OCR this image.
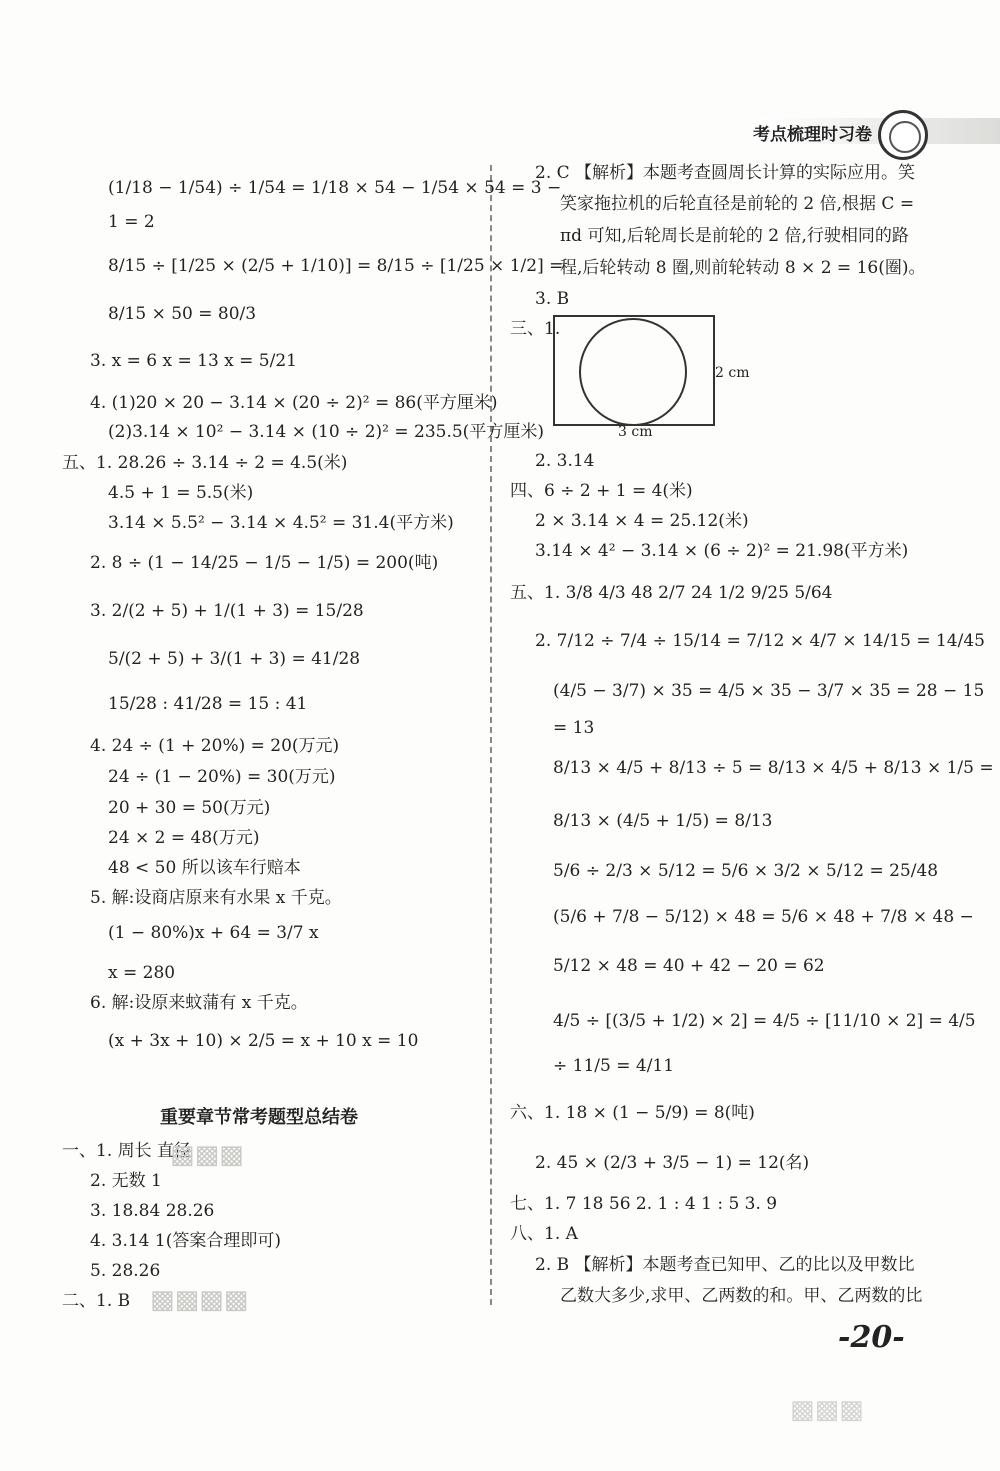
考点梳理时习卷
(1/18 − 1/54) ÷ 1/54 = 1/18 × 54 − 1/54 × 54 = 3 −
1 = 2
8/15 ÷ [1/25 × (2/5 + 1/10)] = 8/15 ÷ [1/25 × 1/2] =
8/15 × 50 = 80/3
3. x = 6 x = 13 x = 5/21
4. (1)20 × 20 − 3.14 × (20 ÷ 2)² = 86(平方厘米)
(2)3.14 × 10² − 3.14 × (10 ÷ 2)² = 235.5(平方厘米)
五、1. 28.26 ÷ 3.14 ÷ 2 = 4.5(米)
4.5 + 1 = 5.5(米)
3.14 × 5.5² − 3.14 × 4.5² = 31.4(平方米)
2. 8 ÷ (1 − 14/25 − 1/5 − 1/5) = 200(吨)
3. 2/(2 + 5) + 1/(1 + 3) = 15/28
5/(2 + 5) + 3/(1 + 3) = 41/28
15/28 : 41/28 = 15 : 41
4. 24 ÷ (1 + 20%) = 20(万元)
24 ÷ (1 − 20%) = 30(万元)
20 + 30 = 50(万元)
24 × 2 = 48(万元)
48 < 50 所以该车行赔本
5. 解:设商店原来有水果 x 千克。
(1 − 80%)x + 64 = 3/7 x
x = 280
6. 解:设原来蚊蒲有 x 千克。
(x + 3x + 10) × 2/5 = x + 10 x = 10
重要章节常考题型总结卷
一、1. 周长 直径
2. 无数 1
3. 18.84 28.26
4. 3.14 1(答案合理即可)
5. 28.26
二、1. B
2. C 【解析】本题考查圆周长计算的实际应用。笑
笑家拖拉机的后轮直径是前轮的 2 倍,根据 C =
πd 可知,后轮周长是前轮的 2 倍,行驶相同的路
程,后轮转动 8 圈,则前轮转动 8 × 2 = 16(圈)。
3. B
三、1.
2 cm
3 cm
2. 3.14
四、6 ÷ 2 + 1 = 4(米)
2 × 3.14 × 4 = 25.12(米)
3.14 × 4² − 3.14 × (6 ÷ 2)² = 21.98(平方米)
五、1. 3/8 4/3 48 2/7 24 1/2 9/25 5/64
2. 7/12 ÷ 7/4 ÷ 15/14 = 7/12 × 4/7 × 14/15 = 14/45
(4/5 − 3/7) × 35 = 4/5 × 35 − 3/7 × 35 = 28 − 15
= 13
8/13 × 4/5 + 8/13 ÷ 5 = 8/13 × 4/5 + 8/13 × 1/5 =
8/13 × (4/5 + 1/5) = 8/13
5/6 ÷ 2/3 × 5/12 = 5/6 × 3/2 × 5/12 = 25/48
(5/6 + 7/8 − 5/12) × 48 = 5/6 × 48 + 7/8 × 48 −
5/12 × 48 = 40 + 42 − 20 = 62
4/5 ÷ [(3/5 + 1/2) × 2] = 4/5 ÷ [11/10 × 2] = 4/5
÷ 11/5 = 4/11
六、1. 18 × (1 − 5/9) = 8(吨)
2. 45 × (2/3 + 3/5 − 1) = 12(名)
七、1. 7 18 56 2. 1 : 4 1 : 5 3. 9
八、1. A
2. B 【解析】本题考查已知甲、乙的比以及甲数比
乙数大多少,求甲、乙两数的和。甲、乙两数的比
-20-
▩▩▩
▩▩▩▩
▩▩▩
